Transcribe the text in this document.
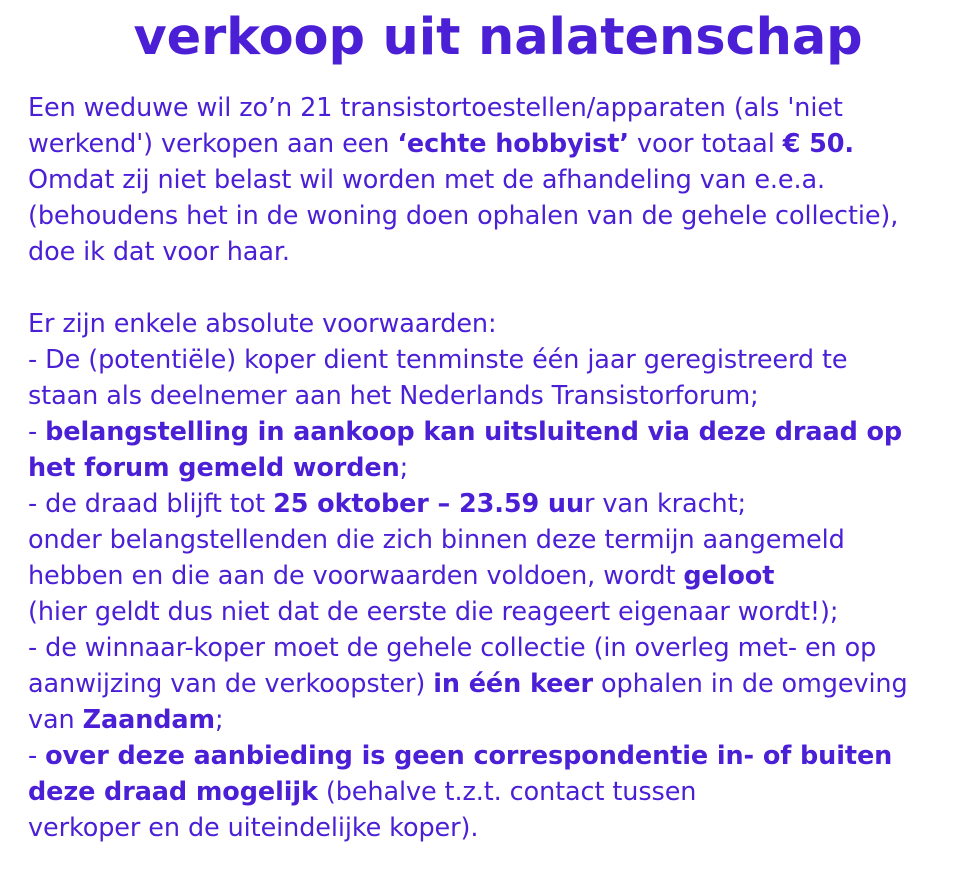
verkoop uit nalatenschap
Een weduwe wil zo’n 21 transistortoestellen/apparaten (als 'niet
werkend') verkopen aan een ‘echte hobbyist’ voor totaal € 50.
Omdat zij niet belast wil worden met de afhandeling van e.e.a.
(behoudens het in de woning doen ophalen van de gehele collectie),
doe ik dat voor haar.
Er zijn enkele absolute voorwaarden:
- De (potentiële) koper dient tenminste één jaar geregistreerd te
staan als deelnemer aan het Nederlands Transistorforum;
- belangstelling in aankoop kan uitsluitend via deze draad op
het forum gemeld worden;
- de draad blijft tot 25 oktober – 23.59 uur van kracht;
onder belangstellenden die zich binnen deze termijn aangemeld
hebben en die aan de voorwaarden voldoen, wordt geloot
(hier geldt dus niet dat de eerste die reageert eigenaar wordt!);
- de winnaar-koper moet de gehele collectie (in overleg met- en op
aanwijzing van de verkoopster) in één keer ophalen in de omgeving
van Zaandam;
- over deze aanbieding is geen correspondentie in- of buiten
deze draad mogelijk (behalve t.z.t. contact tussen
verkoper en de uiteindelijke koper).
